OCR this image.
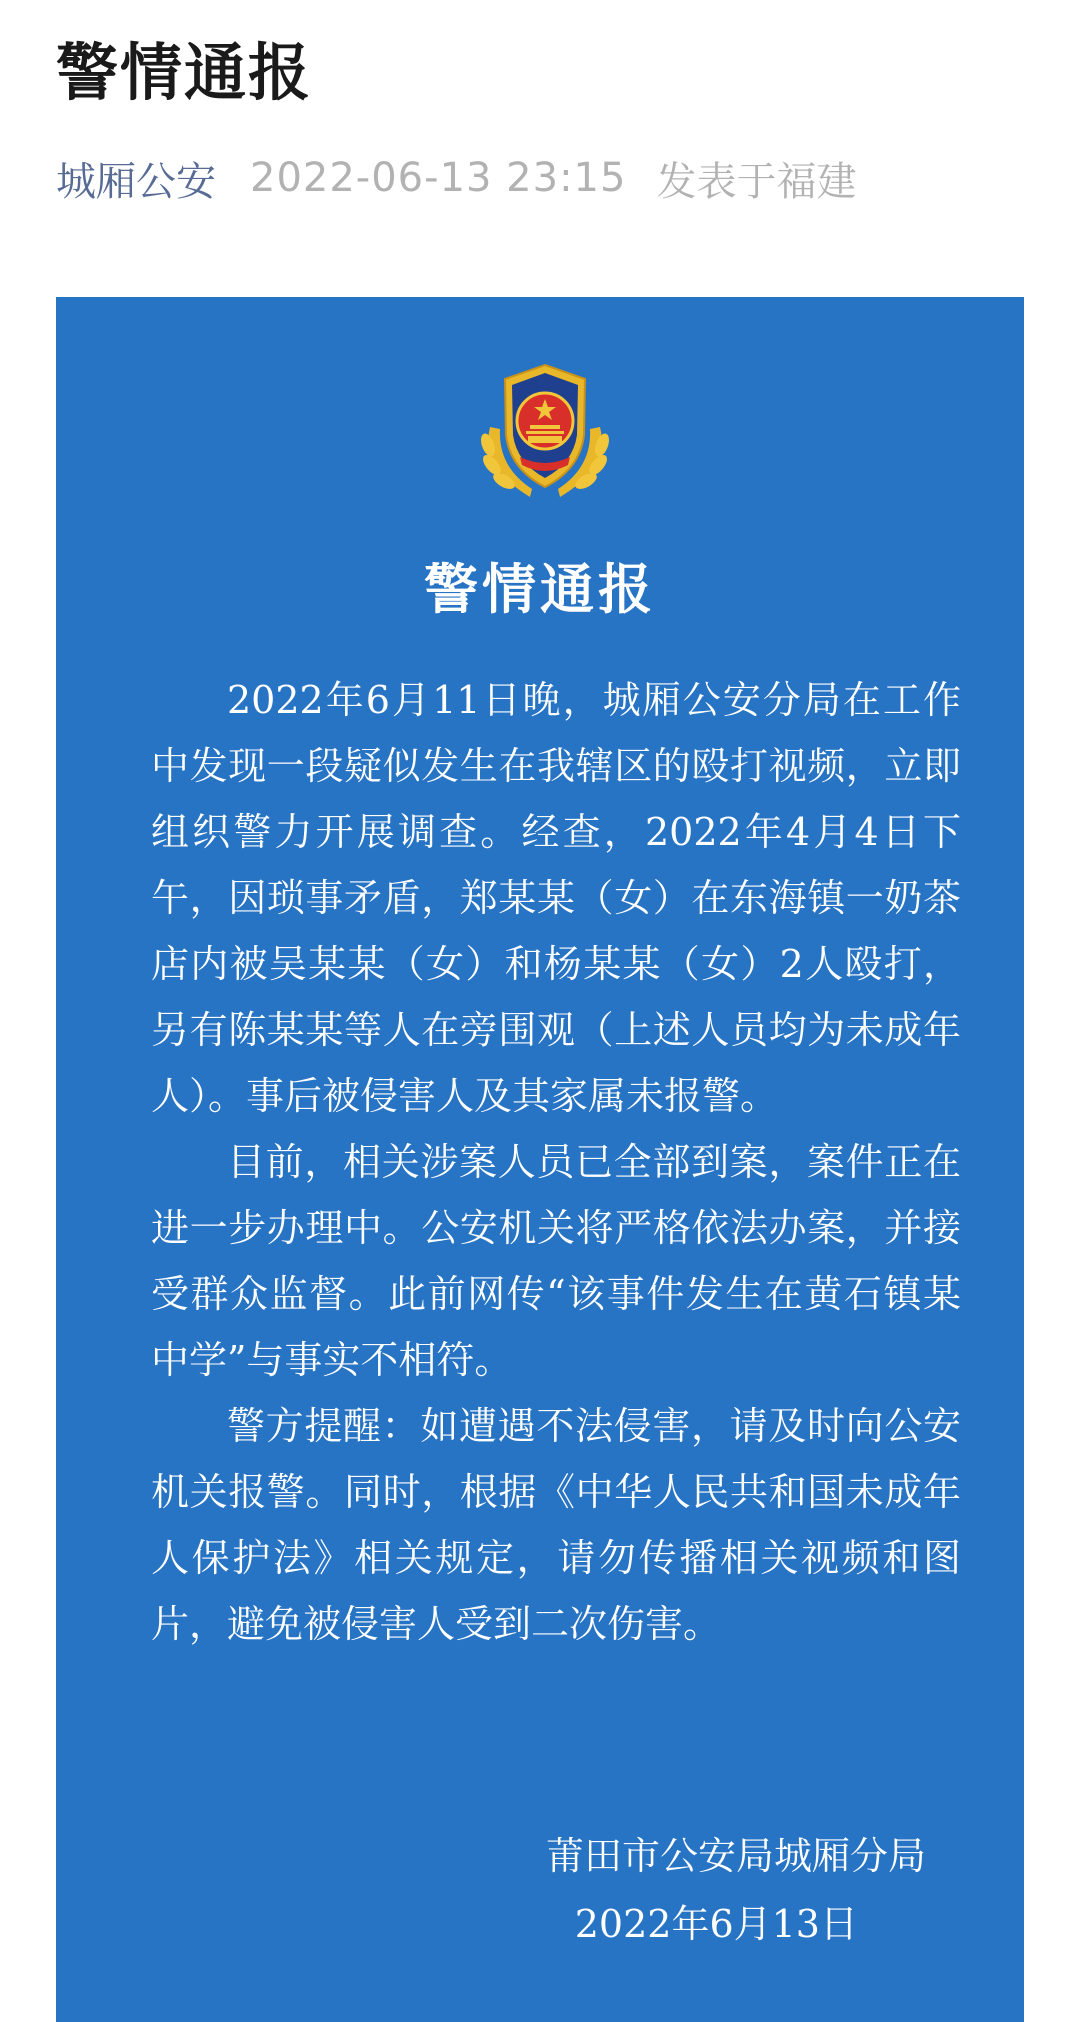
警情通报
城厢公安 2022-06-13 23:15 发表于福建
警情通报

2022年6月11日晚，城厢公安分局在工作中发现一段疑似发生在我辖区的殴打视频，立即组织警力开展调查。经查，2022年4月4日下午，因琐事矛盾，郑某某（女）在东海镇一奶茶店内被吴某某（女）和杨某某（女）2人殴打，另有陈某某等人在旁围观（上述人员均为未成年人）。事后被侵害人及其家属未报警。

目前，相关涉案人员已全部到案，案件正在进一步办理中。公安机关将严格依法办案，并接受群众监督。此前网传“该事件发生在黄石镇某中学”与事实不相符。

警方提醒：如遭遇不法侵害，请及时向公安机关报警。同时，根据《中华人民共和国未成年人保护法》相关规定，请勿传播相关视频和图片，避免被侵害人受到二次伤害。

莆田市公安局城厢分局
2022年6月13日
